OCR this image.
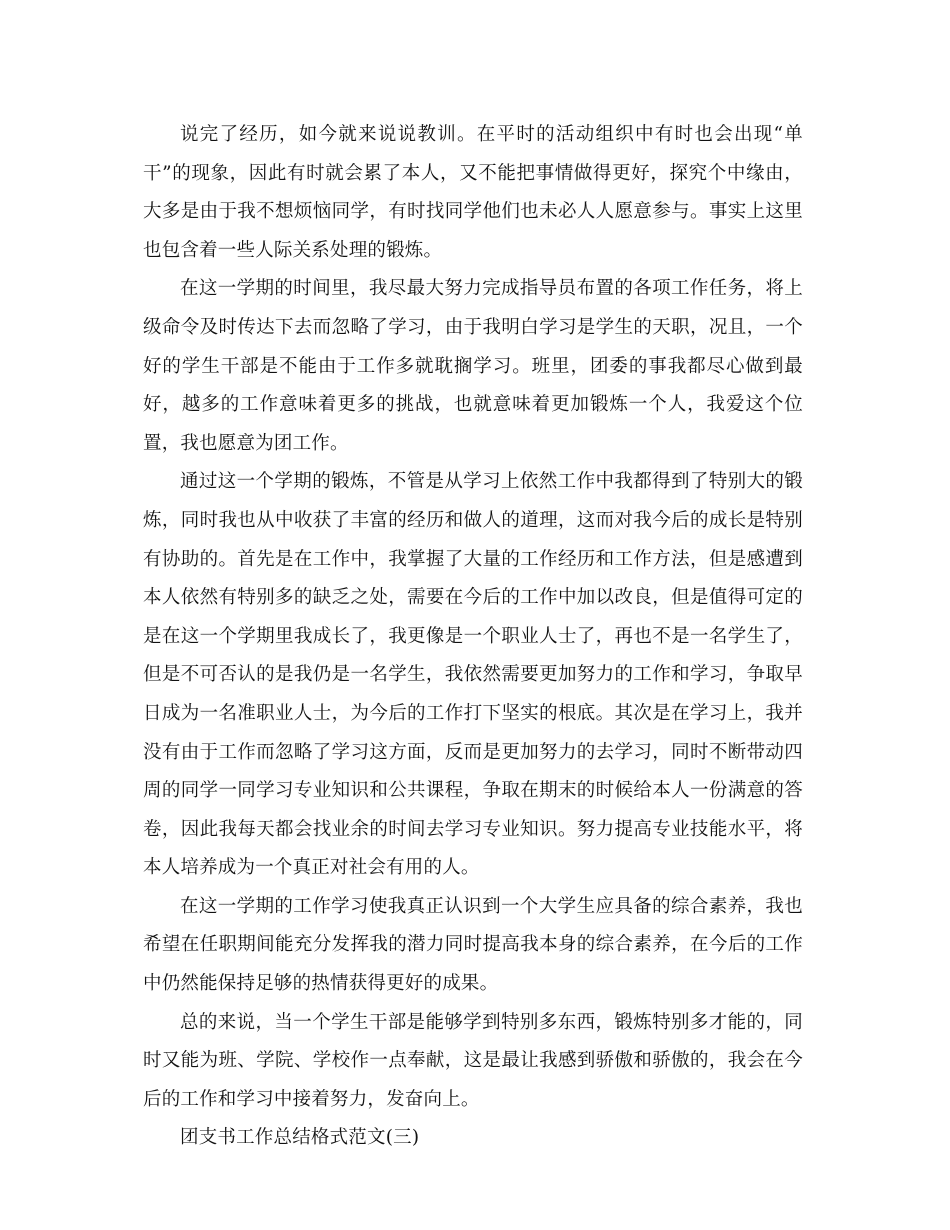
说完了经历，如今就来说说教训。在平时的活动组织中有时也会出现“单干”的现象，因此有时就会累了本人，又不能把事情做得更好，探究个中缘由，大多是由于我不想烦恼同学，有时找同学他们也未必人人愿意参与。事实上这里也包含着一些人际关系处理的锻炼。

在这一学期的时间里，我尽最大努力完成指导员布置的各项工作任务，将上级命令及时传达下去而忽略了学习，由于我明白学习是学生的天职，况且，一个好的学生干部是不能由于工作多就耽搁学习。班里，团委的事我都尽心做到最好，越多的工作意味着更多的挑战，也就意味着更加锻炼一个人，我爱这个位置，我也愿意为团工作。

通过这一个学期的锻炼，不管是从学习上依然工作中我都得到了特别大的锻炼，同时我也从中收获了丰富的经历和做人的道理，这而对我今后的成长是特别有协助的。首先是在工作中，我掌握了大量的工作经历和工作方法，但是感遭到本人依然有特别多的缺乏之处，需要在今后的工作中加以改良，但是值得可定的是在这一个学期里我成长了，我更像是一个职业人士了，再也不是一名学生了，但是不可否认的是我仍是一名学生，我依然需要更加努力的工作和学习，争取早日成为一名准职业人士，为今后的工作打下坚实的根底。其次是在学习上，我并没有由于工作而忽略了学习这方面，反而是更加努力的去学习，同时不断带动四周的同学一同学习专业知识和公共课程，争取在期末的时候给本人一份满意的答卷，因此我每天都会找业余的时间去学习专业知识。努力提高专业技能水平，将本人培养成为一个真正对社会有用的人。

在这一学期的工作学习使我真正认识到一个大学生应具备的综合素养，我也希望在任职期间能充分发挥我的潜力同时提高我本身的综合素养，在今后的工作中仍然能保持足够的热情获得更好的成果。

总的来说，当一个学生干部是能够学到特别多东西，锻炼特别多才能的，同时又能为班、学院、学校作一点奉献，这是最让我感到骄傲和骄傲的，我会在今后的工作和学习中接着努力，发奋向上。

团支书工作总结格式范文(三)
